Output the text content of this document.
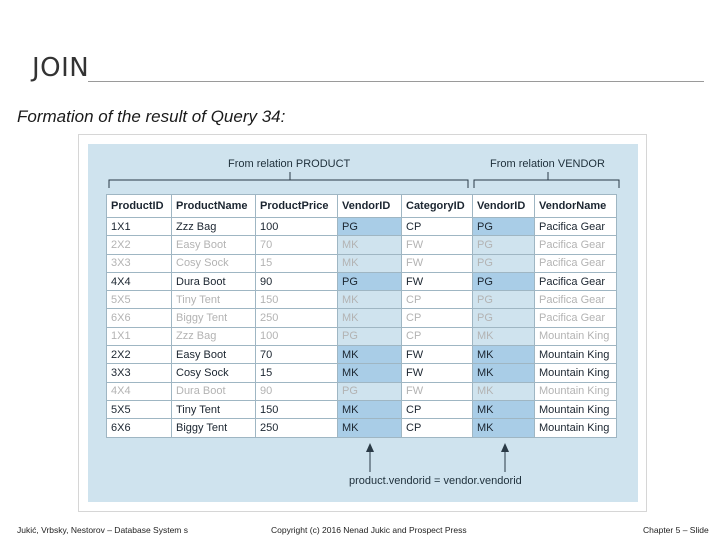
JOIN
Formation of the result of Query 34:
From relation PRODUCT	From relation VENDOR
ProductID	ProductName	ProductPrice	VendorID	CategoryID	VendorID	VendorName
1X1	Zzz Bag	100	PG	CP	PG	Pacifica Gear
2X2	Easy Boot	70	MK	FW	PG	Pacifica Gear
3X3	Cosy Sock	15	MK	FW	PG	Pacifica Gear
4X4	Dura Boot	90	PG	FW	PG	Pacifica Gear
5X5	Tiny Tent	150	MK	CP	PG	Pacifica Gear
6X6	Biggy Tent	250	MK	CP	PG	Pacifica Gear
1X1	Zzz Bag	100	PG	CP	MK	Mountain King
2X2	Easy Boot	70	MK	FW	MK	Mountain King
3X3	Cosy Sock	15	MK	FW	MK	Mountain King
4X4	Dura Boot	90	PG	FW	MK	Mountain King
5X5	Tiny Tent	150	MK	CP	MK	Mountain King
6X6	Biggy Tent	250	MK	CP	MK	Mountain King
product.vendorid = vendor.vendorid
Jukić, Vrbsky, Nestorov – Database System s	Copyright (c) 2016 Nenad Jukic and Prospect Press	Chapter 5 – Slide
